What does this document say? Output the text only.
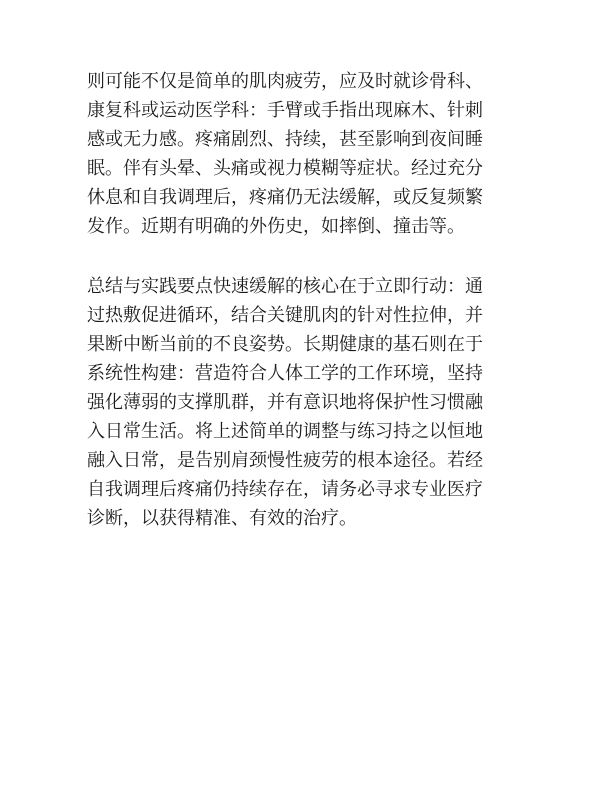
则可能不仅是简单的肌肉疲劳，应及时就诊骨科、
康复科或运动医学科：手臂或手指出现麻木、针刺
感或无力感。疼痛剧烈、持续，甚至影响到夜间睡
眠。伴有头晕、头痛或视力模糊等症状。经过充分
休息和自我调理后，疼痛仍无法缓解，或反复频繁
发作。近期有明确的外伤史，如摔倒、撞击等。
总结与实践要点快速缓解的核心在于立即行动：通
过热敷促进循环，结合关键肌肉的针对性拉伸，并
果断中断当前的不良姿势。长期健康的基石则在于
系统性构建：营造符合人体工学的工作环境，坚持
强化薄弱的支撑肌群，并有意识地将保护性习惯融
入日常生活。将上述简单的调整与练习持之以恒地
融入日常，是告别肩颈慢性疲劳的根本途径。若经
自我调理后疼痛仍持续存在，请务必寻求专业医疗
诊断，以获得精准、有效的治疗。
